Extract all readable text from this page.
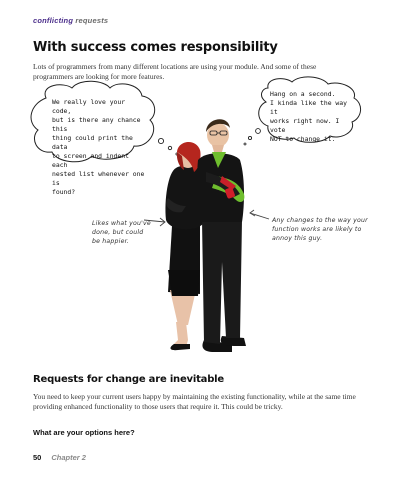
conflicting requests
With success comes responsibility
Lots of programmers from many different locations are using your module. And some of these programmers are looking for more features.
We really love your code,
but is there any chance this
thing could print the data
to screen and indent each
nested list whenever one is
found?
Hang on a second.
I kinda like the way it
works right now. I vote
NOT to change it.
Likes what you've
done, but could
be happier.
Any changes to the way your
function works are likely to
annoy this guy.
Requests for change are inevitable
You need to keep your current users happy by maintaining the existing functionality, while at the same time providing enhanced functionality to those users that require it. This could be tricky.
What are your options here?
50 Chapter 2
